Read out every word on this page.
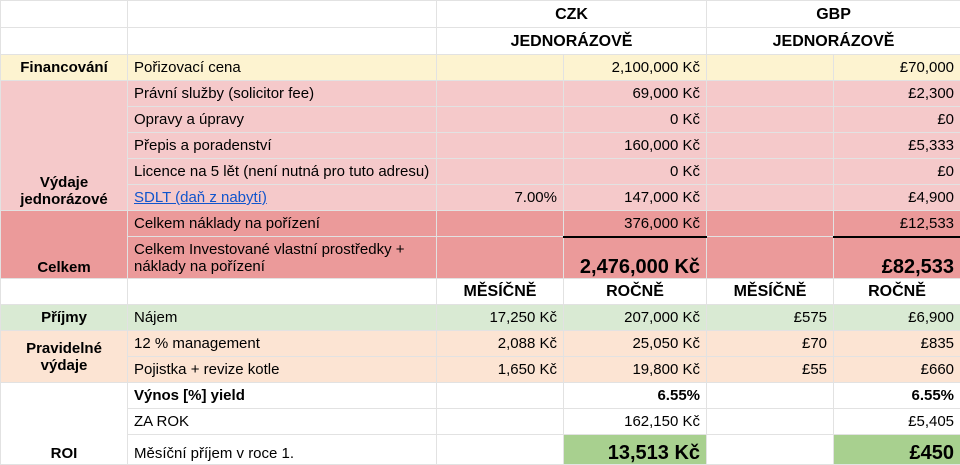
		CZK		GBP	
		JEDNORÁZOVĚ		JEDNORÁZOVĚ	
Financování	Pořizovací cena		2,100,000 Kč		£70,000
Výdaje jednorázové	Právní služby (solicitor fee)		69,000 Kč		£2,300
	Opravy a úpravy		0 Kč		£0
	Přepis a poradenství		160,000 Kč		£5,333
	Licence na 5 lět (není nutná pro tuto adresu)		0 Kč		£0
	SDLT (daň z nabytí)	7.00%	147,000 Kč		£4,900
Celkem	Celkem náklady na pořízení		376,000 Kč		£12,533
	Celkem Investované vlastní prostředky + náklady na pořízení		2,476,000 Kč		£82,533
		MĚSÍČNĚ	ROČNĚ	MĚSÍČNĚ	ROČNĚ
Příjmy	Nájem	17,250 Kč	207,000 Kč	£575	£6,900
Pravidelné výdaje	12 % management	2,088 Kč	25,050 Kč	£70	£835
	Pojistka + revize kotle	1,650 Kč	19,800 Kč	£55	£660
ROI	Výnos [%] yield		6.55%		6.55%
	ZA ROK		162,150 Kč		£5,405
	Měsíční příjem v roce 1.		13,513 Kč		£450
